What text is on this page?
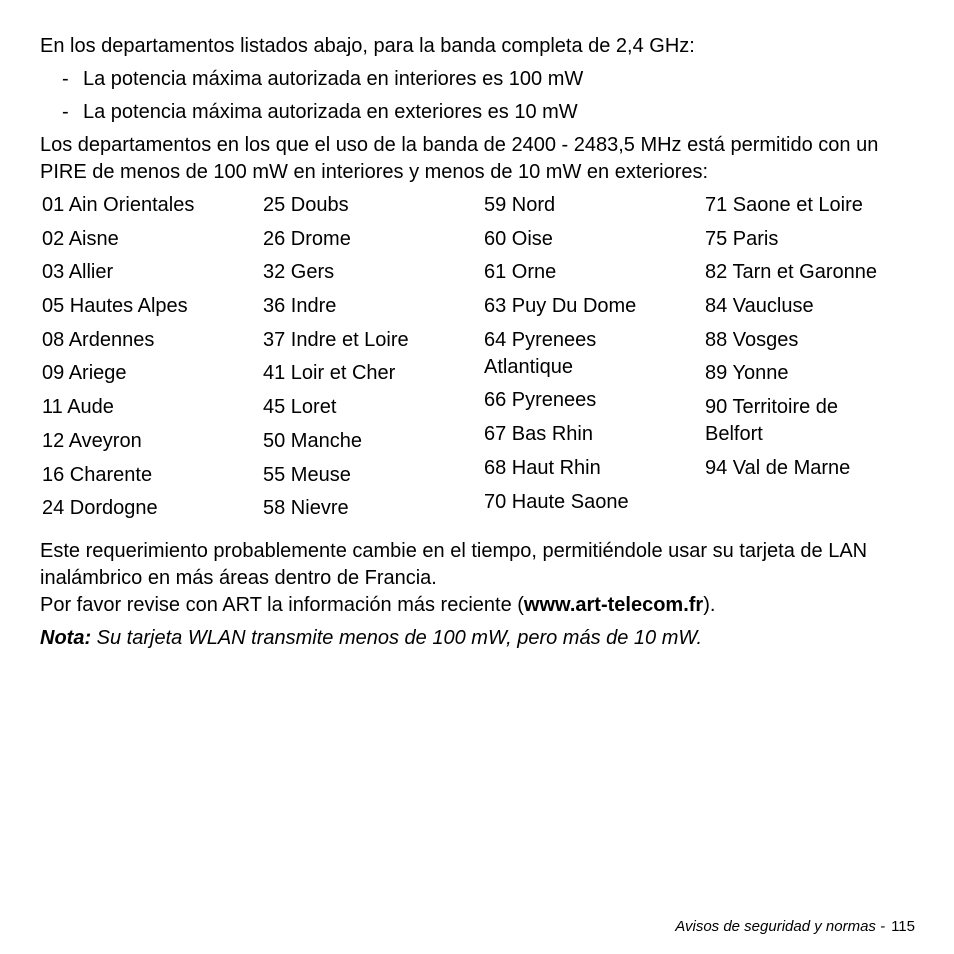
En los departamentos listados abajo, para la banda completa de 2,4 GHz:

- La potencia máxima autorizada en interiores es 100 mW
- La potencia máxima autorizada en exteriores es 10 mW

Los departamentos en los que el uso de la banda de 2400 - 2483,5 MHz está permitido con un PIRE de menos de 100 mW en interiores y menos de 10 mW en exteriores:

01 Ain Orientales
02 Aisne
03 Allier
05 Hautes Alpes
08 Ardennes
09 Ariege
11 Aude
12 Aveyron
16 Charente
24 Dordogne
25 Doubs
26 Drome
32 Gers
36 Indre
37 Indre et Loire
41 Loir et Cher
45 Loret
50 Manche
55 Meuse
58 Nievre
59 Nord
60 Oise
61 Orne
63 Puy Du Dome
64 Pyrenees Atlantique
66 Pyrenees
67 Bas Rhin
68 Haut Rhin
70 Haute Saone
71 Saone et Loire
75 Paris
82 Tarn et Garonne
84 Vaucluse
88 Vosges
89 Yonne
90 Territoire de Belfort
94 Val de Marne

Este requerimiento probablemente cambie en el tiempo, permitiéndole usar su tarjeta de LAN inalámbrico en más áreas dentro de Francia.
Por favor revise con ART la información más reciente (www.art-telecom.fr).

Nota: Su tarjeta WLAN transmite menos de 100 mW, pero más de 10 mW.

Avisos de seguridad y normas - 115
